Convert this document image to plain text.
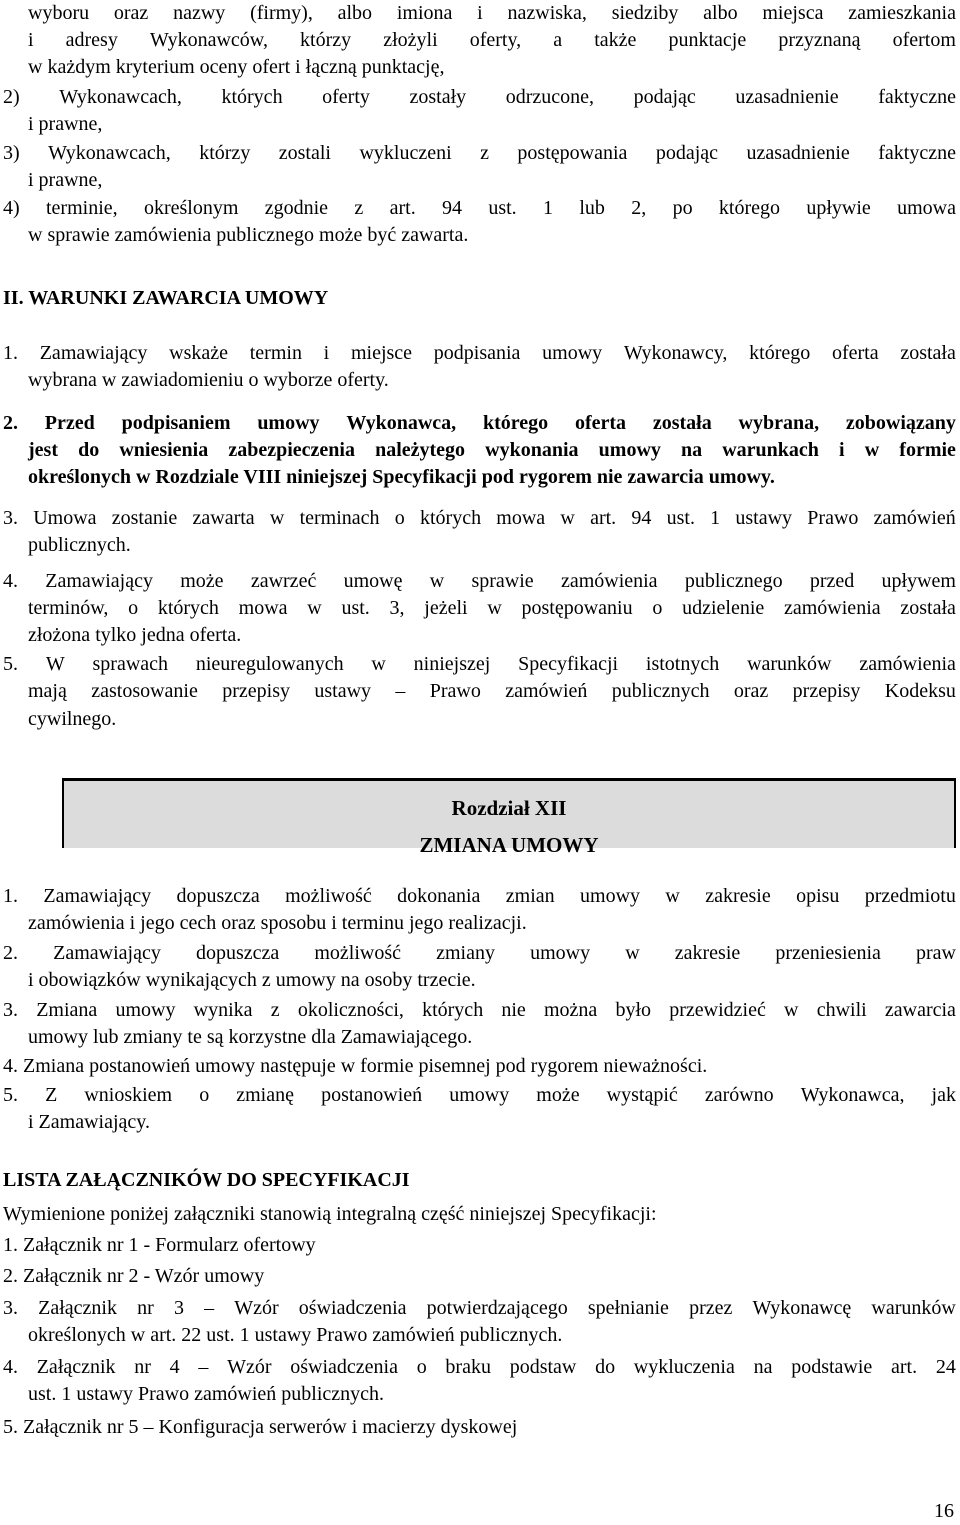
wyboru oraz nazwy (firmy), albo imiona i nazwiska, siedziby albo miejsca zamieszkania
i adresy Wykonawców, którzy złożyli oferty, a także punktacje przyznaną ofertom
w każdym kryterium oceny ofert i łączną punktację,
2) Wykonawcach, których oferty zostały odrzucone, podając uzasadnienie faktyczne
i prawne,
3) Wykonawcach, którzy zostali wykluczeni z postępowania podając uzasadnienie faktyczne
i prawne,
4) terminie, określonym zgodnie z art. 94 ust. 1 lub 2, po którego upływie umowa
w sprawie zamówienia publicznego może być zawarta.
II. WARUNKI ZAWARCIA UMOWY
1. Zamawiający wskaże termin i miejsce podpisania umowy Wykonawcy, którego oferta została
wybrana w zawiadomieniu o wyborze oferty.
2. Przed podpisaniem umowy Wykonawca, którego oferta została wybrana, zobowiązany
jest do wniesienia zabezpieczenia należytego wykonania umowy na warunkach i w formie
określonych w Rozdziale VIII niniejszej Specyfikacji pod rygorem nie zawarcia umowy.
3. Umowa zostanie zawarta w terminach o których mowa w art. 94 ust. 1 ustawy Prawo zamówień
publicznych.
4. Zamawiający może zawrzeć umowę w sprawie zamówienia publicznego przed upływem
terminów, o których mowa w ust. 3, jeżeli w postępowaniu o udzielenie zamówienia została
złożona tylko jedna oferta.
5. W sprawach nieuregulowanych w niniejszej Specyfikacji istotnych warunków zamówienia
mają zastosowanie przepisy ustawy – Prawo zamówień publicznych oraz przepisy Kodeksu
cywilnego.
Rozdział XII
ZMIANA UMOWY
1. Zamawiający dopuszcza możliwość dokonania zmian umowy w zakresie opisu przedmiotu
zamówienia i jego cech oraz sposobu i terminu jego realizacji.
2. Zamawiający dopuszcza możliwość zmiany umowy w zakresie przeniesienia praw
i obowiązków wynikających z umowy na osoby trzecie.
3. Zmiana umowy wynika z okoliczności, których nie można było przewidzieć w chwili zawarcia
umowy lub zmiany te są korzystne dla Zamawiającego.
4. Zmiana postanowień umowy następuje w formie pisemnej pod rygorem nieważności.
5. Z wnioskiem o zmianę postanowień umowy może wystąpić zarówno Wykonawca, jak
i Zamawiający.
LISTA ZAŁĄCZNIKÓW DO SPECYFIKACJI
Wymienione poniżej załączniki stanowią integralną część niniejszej Specyfikacji:
1. Załącznik nr 1 - Formularz ofertowy
2. Załącznik nr 2 - Wzór umowy
3. Załącznik nr 3 – Wzór oświadczenia potwierdzającego spełnianie przez Wykonawcę warunków
określonych w art. 22 ust. 1 ustawy Prawo zamówień publicznych.
4. Załącznik nr 4 – Wzór oświadczenia o braku podstaw do wykluczenia na podstawie art. 24
ust. 1 ustawy Prawo zamówień publicznych.
5. Załącznik nr 5 – Konfiguracja serwerów i macierzy dyskowej
16
